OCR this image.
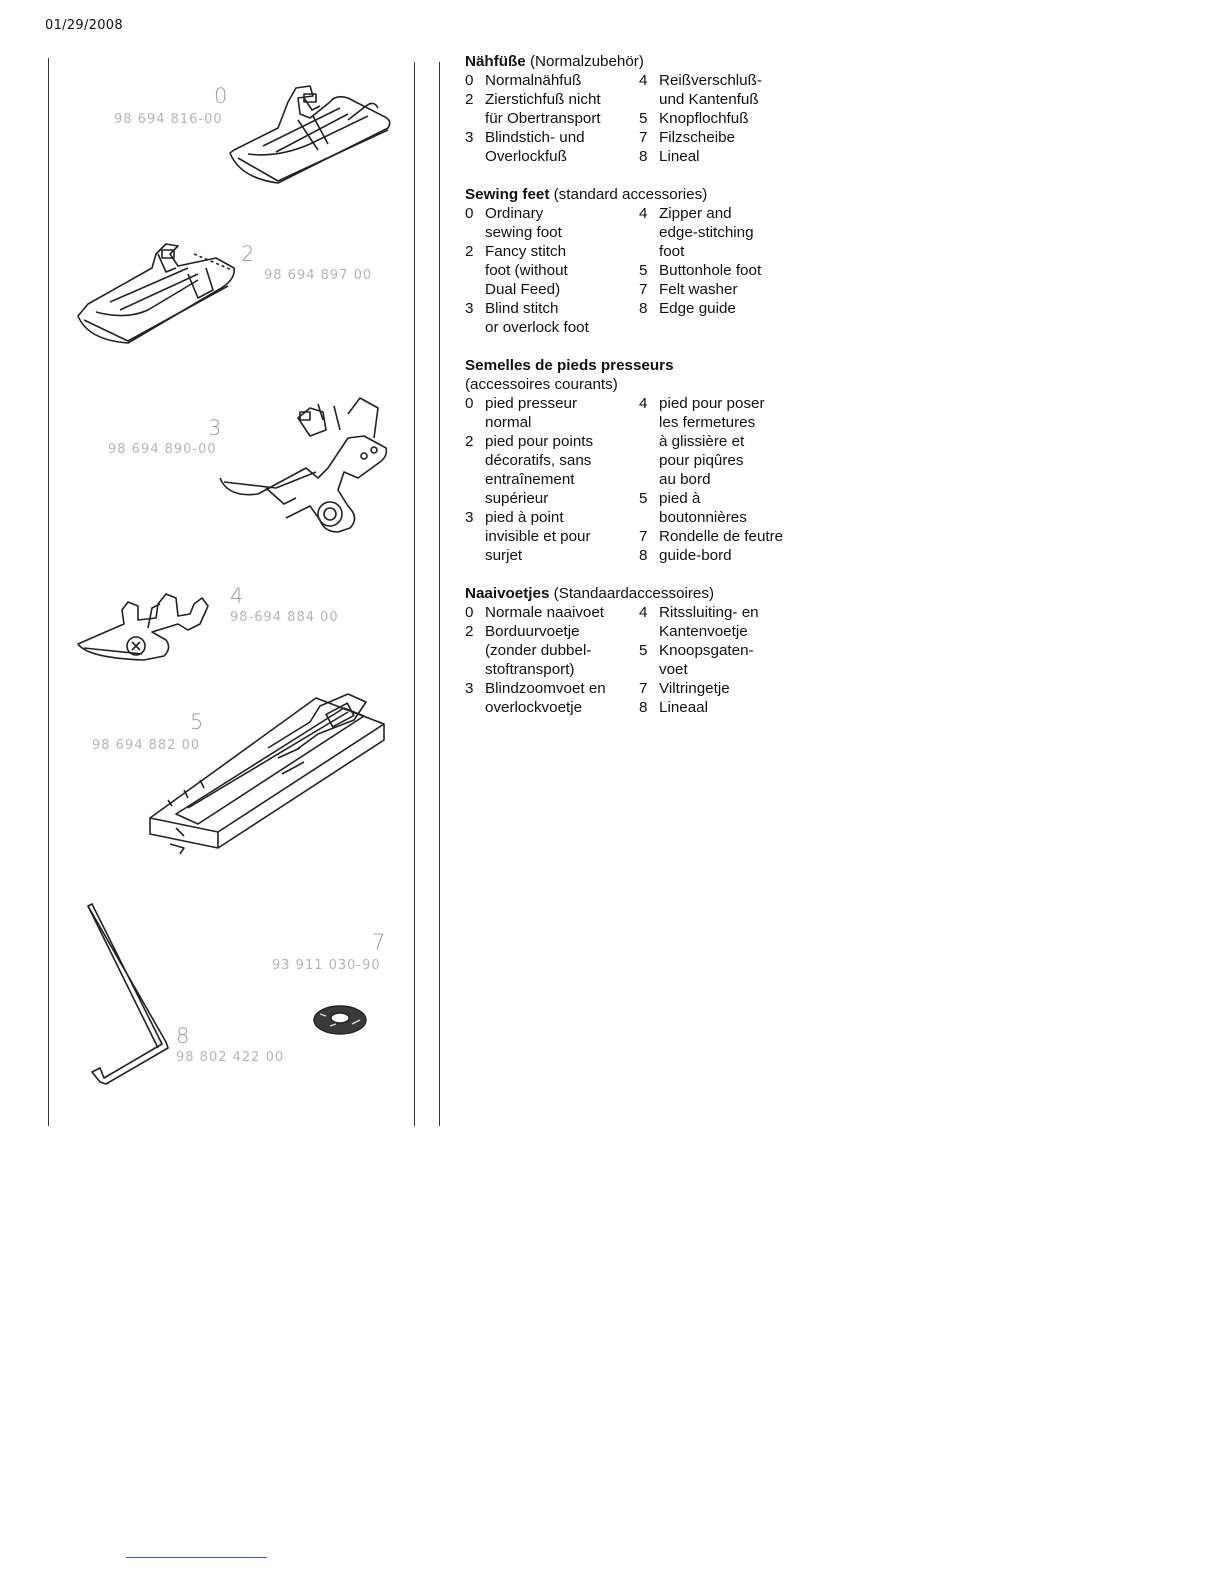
01/29/2008
0
98 694 816-00
2
98 694 897 00
3
98 694 890-00
4
98-694 884 00
5
98 694 882 00
7
93 911 030-90
8
98 802 422 00
Nähfüße (Normalzubehör)
0 Normalnähfuß
2 Zierstichfuß nicht
für Obertransport
3 Blindstich- und
Overlockfuß
4 Reißverschluß-
und Kantenfuß
5 Knopflochfuß
7 Filzscheibe
8 Lineal
Sewing feet (standard accessories)
0 Ordinary
sewing foot
2 Fancy stitch
foot (without
Dual Feed)
3 Blind stitch
or overlock foot
4 Zipper and
edge-stitching
foot
5 Buttonhole foot
7 Felt washer
8 Edge guide
Semelles de pieds presseurs
(accessoires courants)
0 pied presseur
normal
2 pied pour points
décoratifs, sans
entraînement
supérieur
3 pied à point
invisible et pour
surjet
4 pied pour poser
les fermetures
à glissière et
pour piqûres
au bord
5 pied à
boutonnières
7 Rondelle de feutre
8 guide-bord
Naaivoetjes (Standaardaccessoires)
0 Normale naaivoet
2 Borduurvoetje
(zonder dubbel-
stoftransport)
3 Blindzoomvoet en
overlockvoetje
4 Ritssluiting- en
Kantenvoetje
5 Knoopsgaten-
voet
7 Viltringetje
8 Lineaal
